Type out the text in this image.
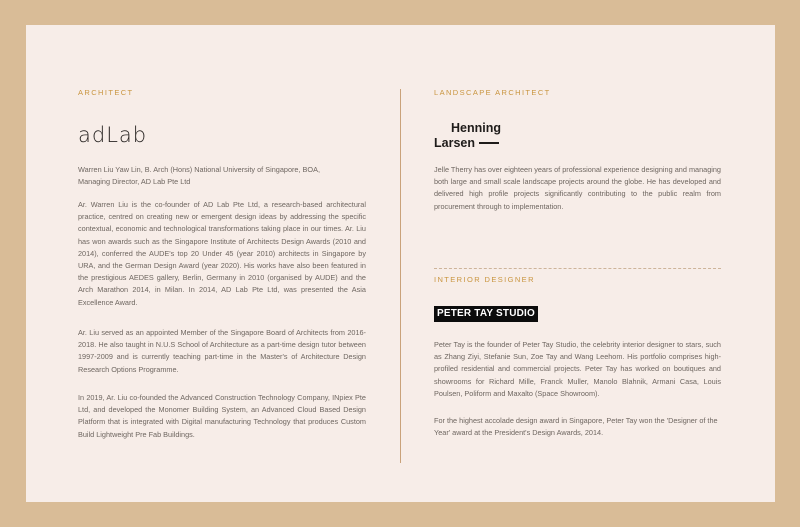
ARCHITECT
adLab

Warren Liu Yaw Lin, B. Arch (Hons) National University of Singapore, BOA, Managing Director, AD Lab Pte Ltd

Ar. Warren Liu is the co-founder of AD Lab Pte Ltd, a research-based architectural practice, centred on creating new or emergent design ideas by addressing the specific contextual, economic and technological transformations taking place in our times. Ar. Liu has won awards such as the Singapore Institute of Architects Design Awards (2010 and 2014), conferred the AUDE's top 20 Under 45 (year 2010) architects in Singapore by URA, and the German Design Award (year 2020). His works have also been featured in the prestigious AEDES gallery, Berlin, Germany in 2010 (organised by AUDE) and the Arch Marathon 2014, in Milan. In 2014, AD Lab Pte Ltd, was presented the Asia Excellence Award.

Ar. Liu served as an appointed Member of the Singapore Board of Architects from 2016-2018. He also taught in N.U.S School of Architecture as a part-time design tutor between 1997-2009 and is currently teaching part-time in the Master's of Architecture Design Research Options Programme.

In 2019, Ar. Liu co-founded the Advanced Construction Technology Company, INpiex Pte Ltd, and developed the Monomer Building System, an Advanced Cloud Based Design Platform that is integrated with Digital manufacturing Technology that produces Custom Build Lightweight Pre Fab Buildings.

LANDSCAPE ARCHITECT
Henning
Larsen

Jelle Therry has over eighteen years of professional experience designing and managing both large and small scale landscape projects around the globe. He has developed and delivered high profile projects significantly contributing to the public realm from procurement through to implementation.

INTERIOR DESIGNER
PETER TAY STUDIO

Peter Tay is the founder of Peter Tay Studio, the celebrity interior designer to stars, such as Zhang Ziyi, Stefanie Sun, Zoe Tay and Wang Leehom. His portfolio comprises high-profiled residential and commercial projects. Peter Tay has worked on boutiques and showrooms for Richard Mille, Franck Muller, Manolo Blahnik, Armani Casa, Louis Poulsen, Poliform and Maxalto (Space Showroom).

For the highest accolade design award in Singapore, Peter Tay won the 'Designer of the Year' award at the President's Design Awards, 2014.
